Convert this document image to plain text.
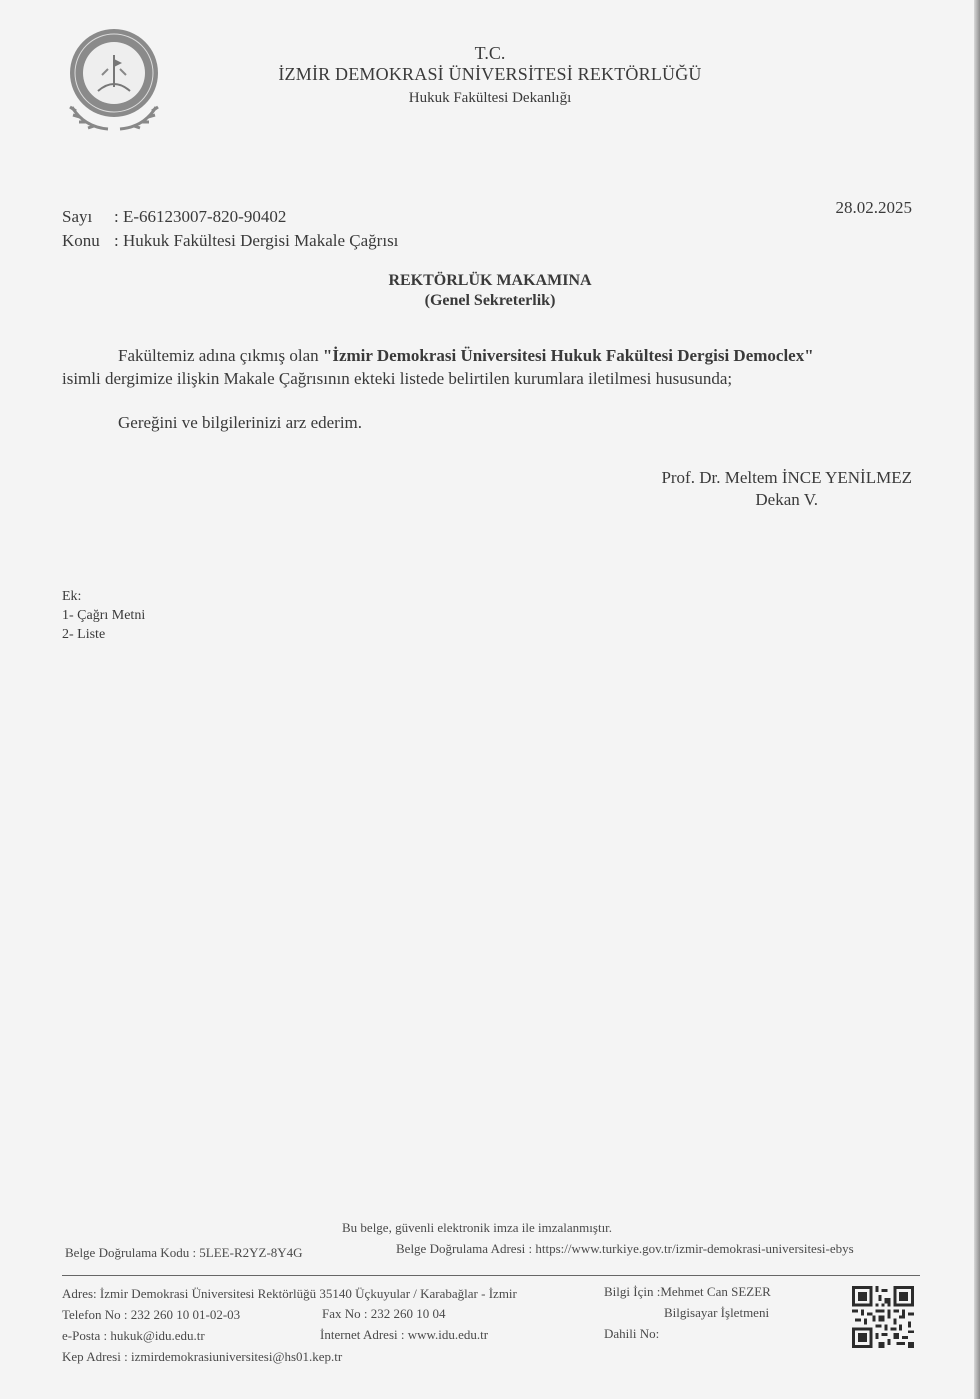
T.C.
İZMİR DEMOKRASİ ÜNİVERSİTESİ REKTÖRLÜĞÜ
Hukuk Fakültesi Dekanlığı
Sayı : E-66123007-820-90402
Konu : Hukuk Fakültesi Dergisi Makale Çağrısı
28.02.2025
REKTÖRLÜK MAKAMINA
(Genel Sekreterlik)
Fakültemiz adına çıkmış olan "İzmir Demokrasi Üniversitesi Hukuk Fakültesi Dergisi Democlex"
isimli dergimize ilişkin Makale Çağrısının ekteki listede belirtilen kurumlara iletilmesi hususunda;
Gereğini ve bilgilerinizi arz ederim.
Prof. Dr. Meltem İNCE YENİLMEZ
Dekan V.
Ek:
1- Çağrı Metni
2- Liste
Bu belge, güvenli elektronik imza ile imzalanmıştır.
Belge Doğrulama Kodu : 5LEE-R2YZ-8Y4G	Belge Doğrulama Adresi : https://www.turkiye.gov.tr/izmir-demokrasi-universitesi-ebys
Adres: İzmir Demokrasi Üniversitesi Rektörlüğü 35140 Üçkuyular / Karabağlar - İzmir
Telefon No : 232 260 10 01-02-03	Fax No : 232 260 10 04
e-Posta : hukuk@idu.edu.tr	İnternet Adresi : www.idu.edu.tr
Kep Adresi : izmirdemokrasiuniversitesi@hs01.kep.tr
Bilgi İçin :Mehmet Can SEZER
Bilgisayar İşletmeni
Dahili No:
